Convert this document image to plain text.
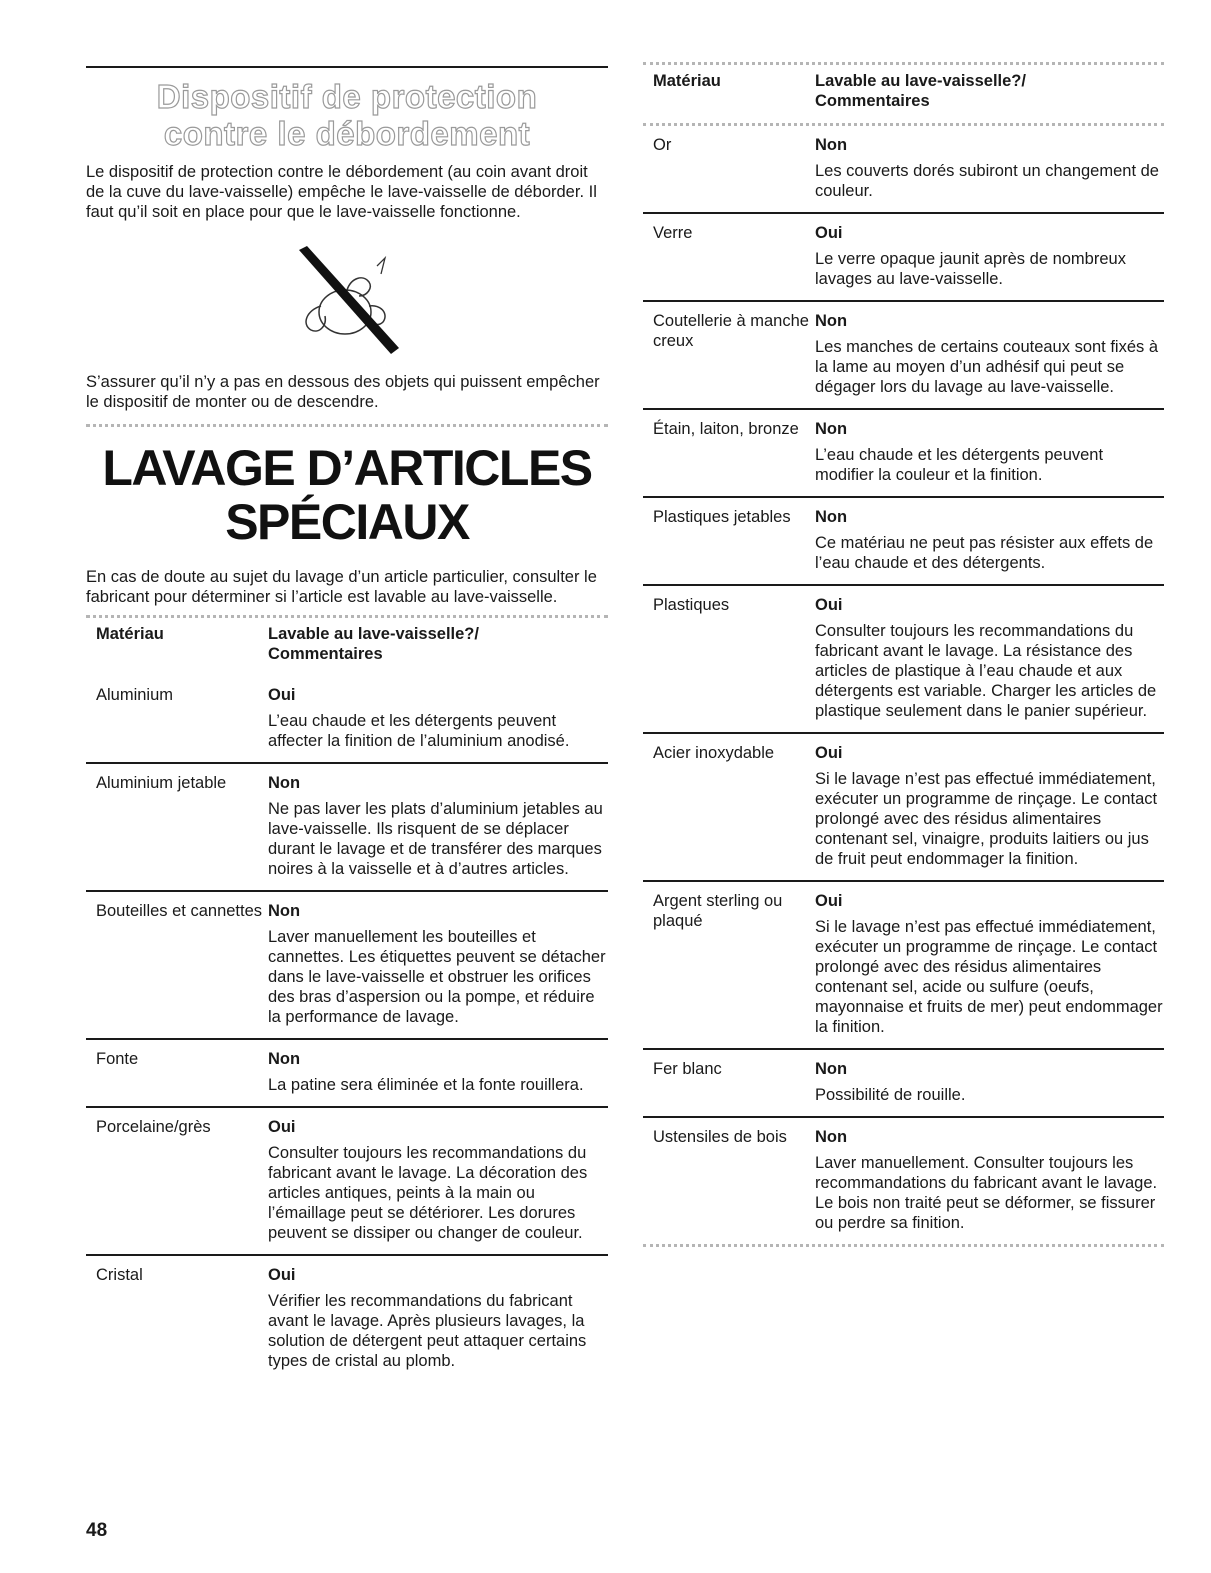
Dispositif de protection
contre le débordement

Le dispositif de protection contre le débordement (au coin avant droit de la cuve du lave-vaisselle) empêche le lave-vaisselle de déborder. Il faut qu’il soit en place pour que le lave-vaisselle fonctionne.

S’assurer qu’il n’y a pas en dessous des objets qui puissent empêcher le dispositif de monter ou de descendre.

LAVAGE D’ARTICLES
SPÉCIAUX

En cas de doute au sujet du lavage d’un article particulier, consulter le fabricant pour déterminer si l’article est lavable au lave-vaisselle.

Matériau	Lavable au lave-vaisselle?/
Commentaires

Aluminium	Oui
L’eau chaude et les détergents peuvent affecter la finition de l’aluminium anodisé.
Aluminium jetable	Non
Ne pas laver les plats d’aluminium jetables au lave-vaisselle. Ils risquent de se déplacer durant le lavage et de transférer des marques noires à la vaisselle et à d’autres articles.
Bouteilles et cannettes	Non
Laver manuellement les bouteilles et cannettes. Les étiquettes peuvent se détacher dans le lave-vaisselle et obstruer les orifices des bras d’aspersion ou la pompe, et réduire la performance de lavage.
Fonte	Non
La patine sera éliminée et la fonte rouillera.
Porcelaine/grès	Oui
Consulter toujours les recommandations du fabricant avant le lavage. La décoration des articles antiques, peints à la main ou l’émaillage peut se détériorer. Les dorures peuvent se dissiper ou changer de couleur.
Cristal	Oui
Vérifier les recommandations du fabricant avant le lavage. Après plusieurs lavages, la solution de détergent peut attaquer certains types de cristal au plomb.
Matériau	Lavable au lave-vaisselle?/
Commentaires

Or	Non
Les couverts dorés subiront un changement de couleur.
Verre	Oui
Le verre opaque jaunit après de nombreux lavages au lave-vaisselle.
Coutellerie à manche creux	Non
Les manches de certains couteaux sont fixés à la lame au moyen d’un adhésif qui peut se dégager lors du lavage au lave-vaisselle.
Étain, laiton, bronze	Non
L’eau chaude et les détergents peuvent modifier la couleur et la finition.
Plastiques jetables	Non
Ce matériau ne peut pas résister aux effets de l’eau chaude et des détergents.
Plastiques	Oui
Consulter toujours les recommandations du fabricant avant le lavage. La résistance des articles de plastique à l’eau chaude et aux détergents est variable. Charger les articles de plastique seulement dans le panier supérieur.
Acier inoxydable	Oui
Si le lavage n’est pas effectué immédiatement, exécuter un programme de rinçage. Le contact prolongé avec des résidus alimentaires contenant sel, vinaigre, produits laitiers ou jus de fruit peut endommager la finition.
Argent sterling ou plaqué	Oui
Si le lavage n’est pas effectué immédiatement, exécuter un programme de rinçage. Le contact prolongé avec des résidus alimentaires contenant sel, acide ou sulfure (oeufs, mayonnaise et fruits de mer) peut endommager la finition.
Fer blanc	Non
Possibilité de rouille.
Ustensiles de bois	Non
Laver manuellement. Consulter toujours les recommandations du fabricant avant le lavage. Le bois non traité peut se déformer, se fissurer ou perdre sa finition.
48
